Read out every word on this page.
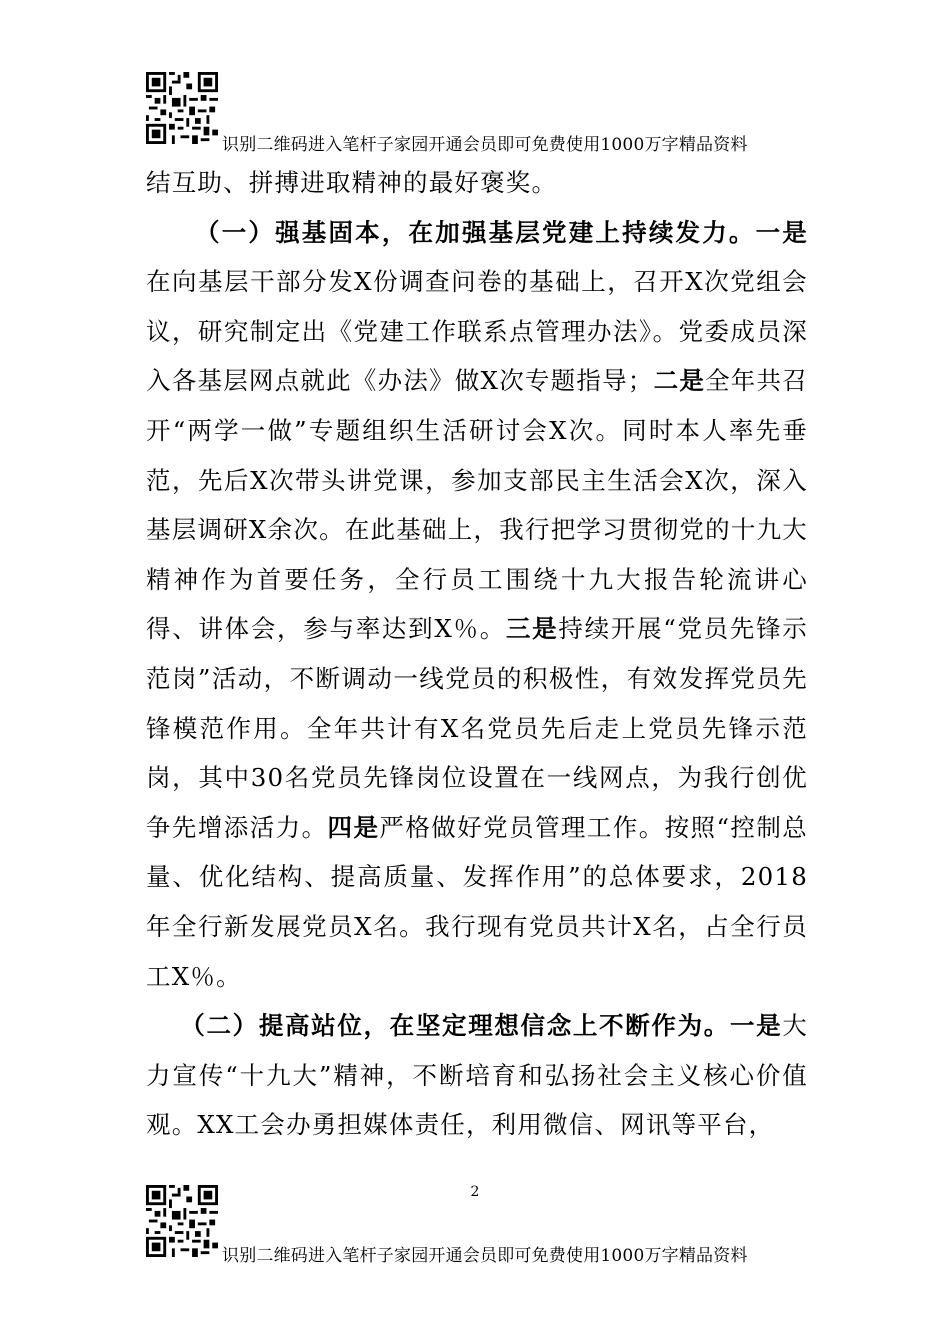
识别二维码进入笔杆子家园开通会员即可免费使用1000万字精品资料

结互助、拼搏进取精神的最好褒奖。

（一）强基固本，在加强基层党建上持续发力。一是在向基层干部分发X份调查问卷的基础上，召开X次党组会议，研究制定出《党建工作联系点管理办法》。党委成员深入各基层网点就此《办法》做X次专题指导；二是全年共召开“两学一做”专题组织生活研讨会X次。同时本人率先垂范，先后X次带头讲党课，参加支部民主生活会X次，深入基层调研X余次。在此基础上，我行把学习贯彻党的十九大精神作为首要任务，全行员工围绕十九大报告轮流讲心得、讲体会，参与率达到X％。三是持续开展“党员先锋示范岗”活动，不断调动一线党员的积极性，有效发挥党员先锋模范作用。全年共计有X名党员先后走上党员先锋示范岗，其中30名党员先锋岗位设置在一线网点，为我行创优争先增添活力。四是严格做好党员管理工作。按照“控制总量、优化结构、提高质量、发挥作用”的总体要求，2018年全行新发展党员X名。我行现有党员共计X名，占全行员工X％。

（二）提高站位，在坚定理想信念上不断作为。一是大力宣传“十九大”精神，不断培育和弘扬社会主义核心价值观。XX工会办勇担媒体责任，利用微信、网讯等平台，

2
识别二维码进入笔杆子家园开通会员即可免费使用1000万字精品资料
